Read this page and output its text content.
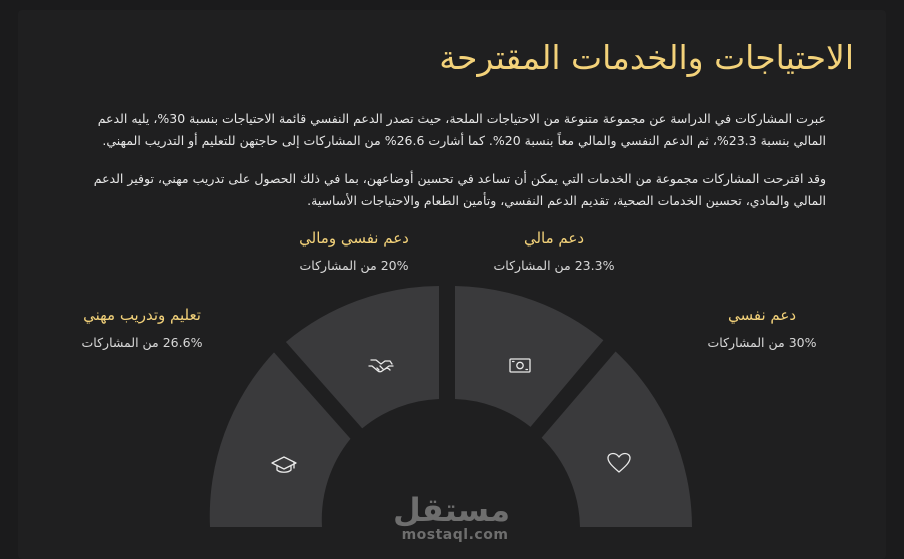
الاحتياجات والخدمات المقترحة

عبرت المشاركات في الدراسة عن مجموعة متنوعة من الاحتياجات الملحة، حيث تصدر الدعم النفسي قائمة الاحتياجات بنسبة 30%، يليه الدعم المالي بنسبة 23.3%، ثم الدعم النفسي والمالي معاً بنسبة 20%. كما أشارت 26.6% من المشاركات إلى حاجتهن للتعليم أو التدريب المهني.

وقد اقترحت المشاركات مجموعة من الخدمات التي يمكن أن تساعد في تحسين أوضاعهن، بما في ذلك الحصول على تدريب مهني، توفير الدعم المالي والمادي، تحسين الخدمات الصحية، تقديم الدعم النفسي، وتأمين الطعام والاحتياجات الأساسية.

دعم نفسي
30% من المشاركات
دعم مالي
23.3% من المشاركات
دعم نفسي ومالي
20% من المشاركات
تعليم وتدريب مهني
26.6% من المشاركات
مستقل
mostaql.com
